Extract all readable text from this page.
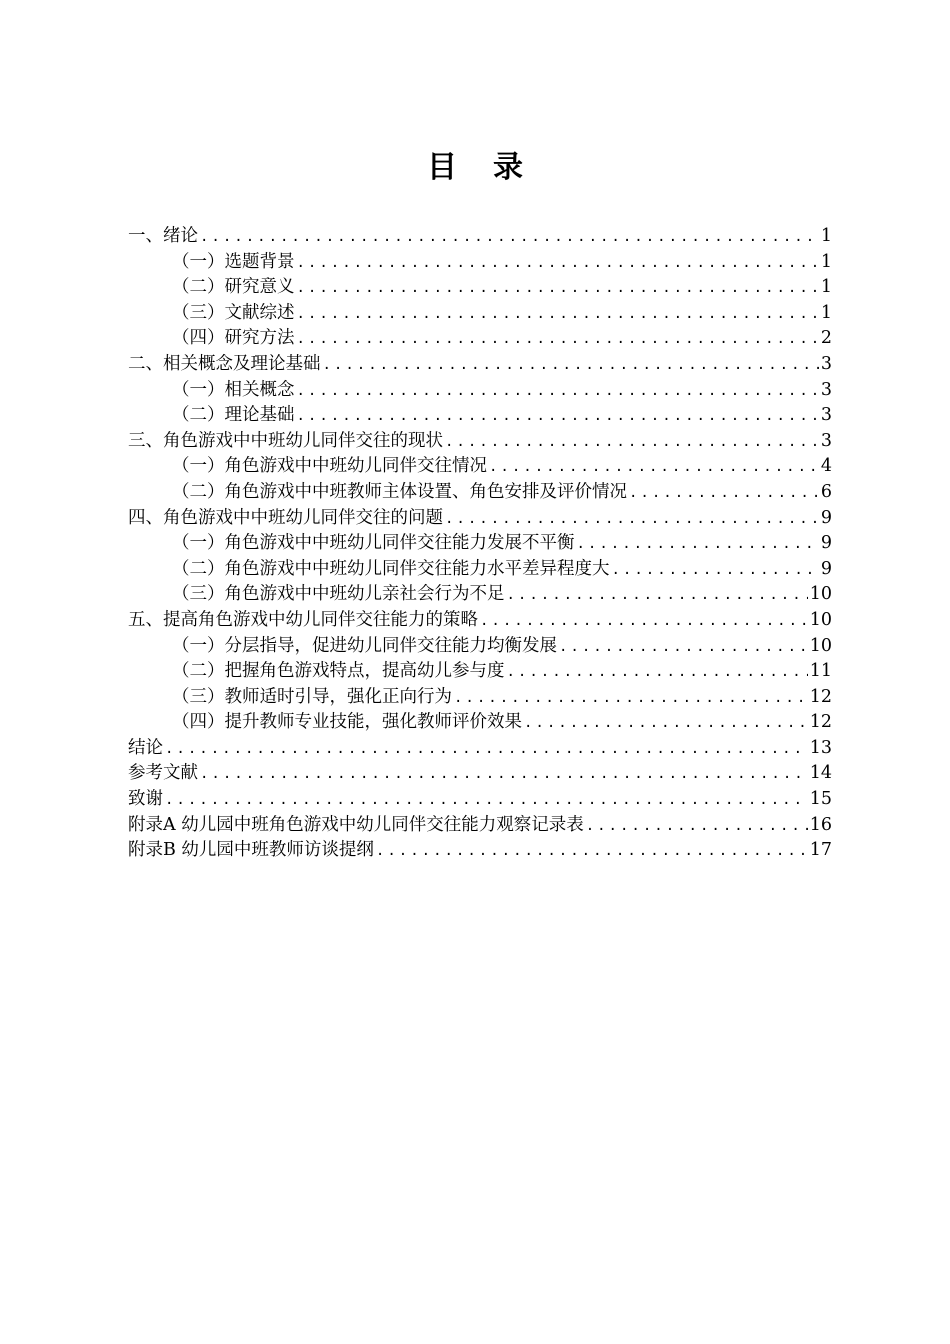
目录
一、绪论 .....	1
（一）选题背景 .....	1
（二）研究意义 .....	1
（三）文献综述 .....	1
（四）研究方法 .....	2
二、相关概念及理论基础 .....	3
（一）相关概念 .....	3
（二）理论基础 .....	3
三、角色游戏中中班幼儿同伴交往的现状 .....	3
（一）角色游戏中中班幼儿同伴交往情况 .....	4
（二）角色游戏中中班教师主体设置、角色安排及评价情况 .....	6
四、角色游戏中中班幼儿同伴交往的问题 .....	9
（一）角色游戏中中班幼儿同伴交往能力发展不平衡 .....	9
（二）角色游戏中中班幼儿同伴交往能力水平差异程度大 .....	9
（三）角色游戏中中班幼儿亲社会行为不足 .....	10
五、提高角色游戏中幼儿同伴交往能力的策略 .....	10
（一）分层指导，促进幼儿同伴交往能力均衡发展 .....	10
（二）把握角色游戏特点，提高幼儿参与度 .....	11
（三）教师适时引导，强化正向行为 .....	12
（四）提升教师专业技能，强化教师评价效果 .....	12
结论 .....	13
参考文献 .....	14
致谢 .....	15
附录A 幼儿园中班角色游戏中幼儿同伴交往能力观察记录表 .....	16
附录B 幼儿园中班教师访谈提纲 .....	17
